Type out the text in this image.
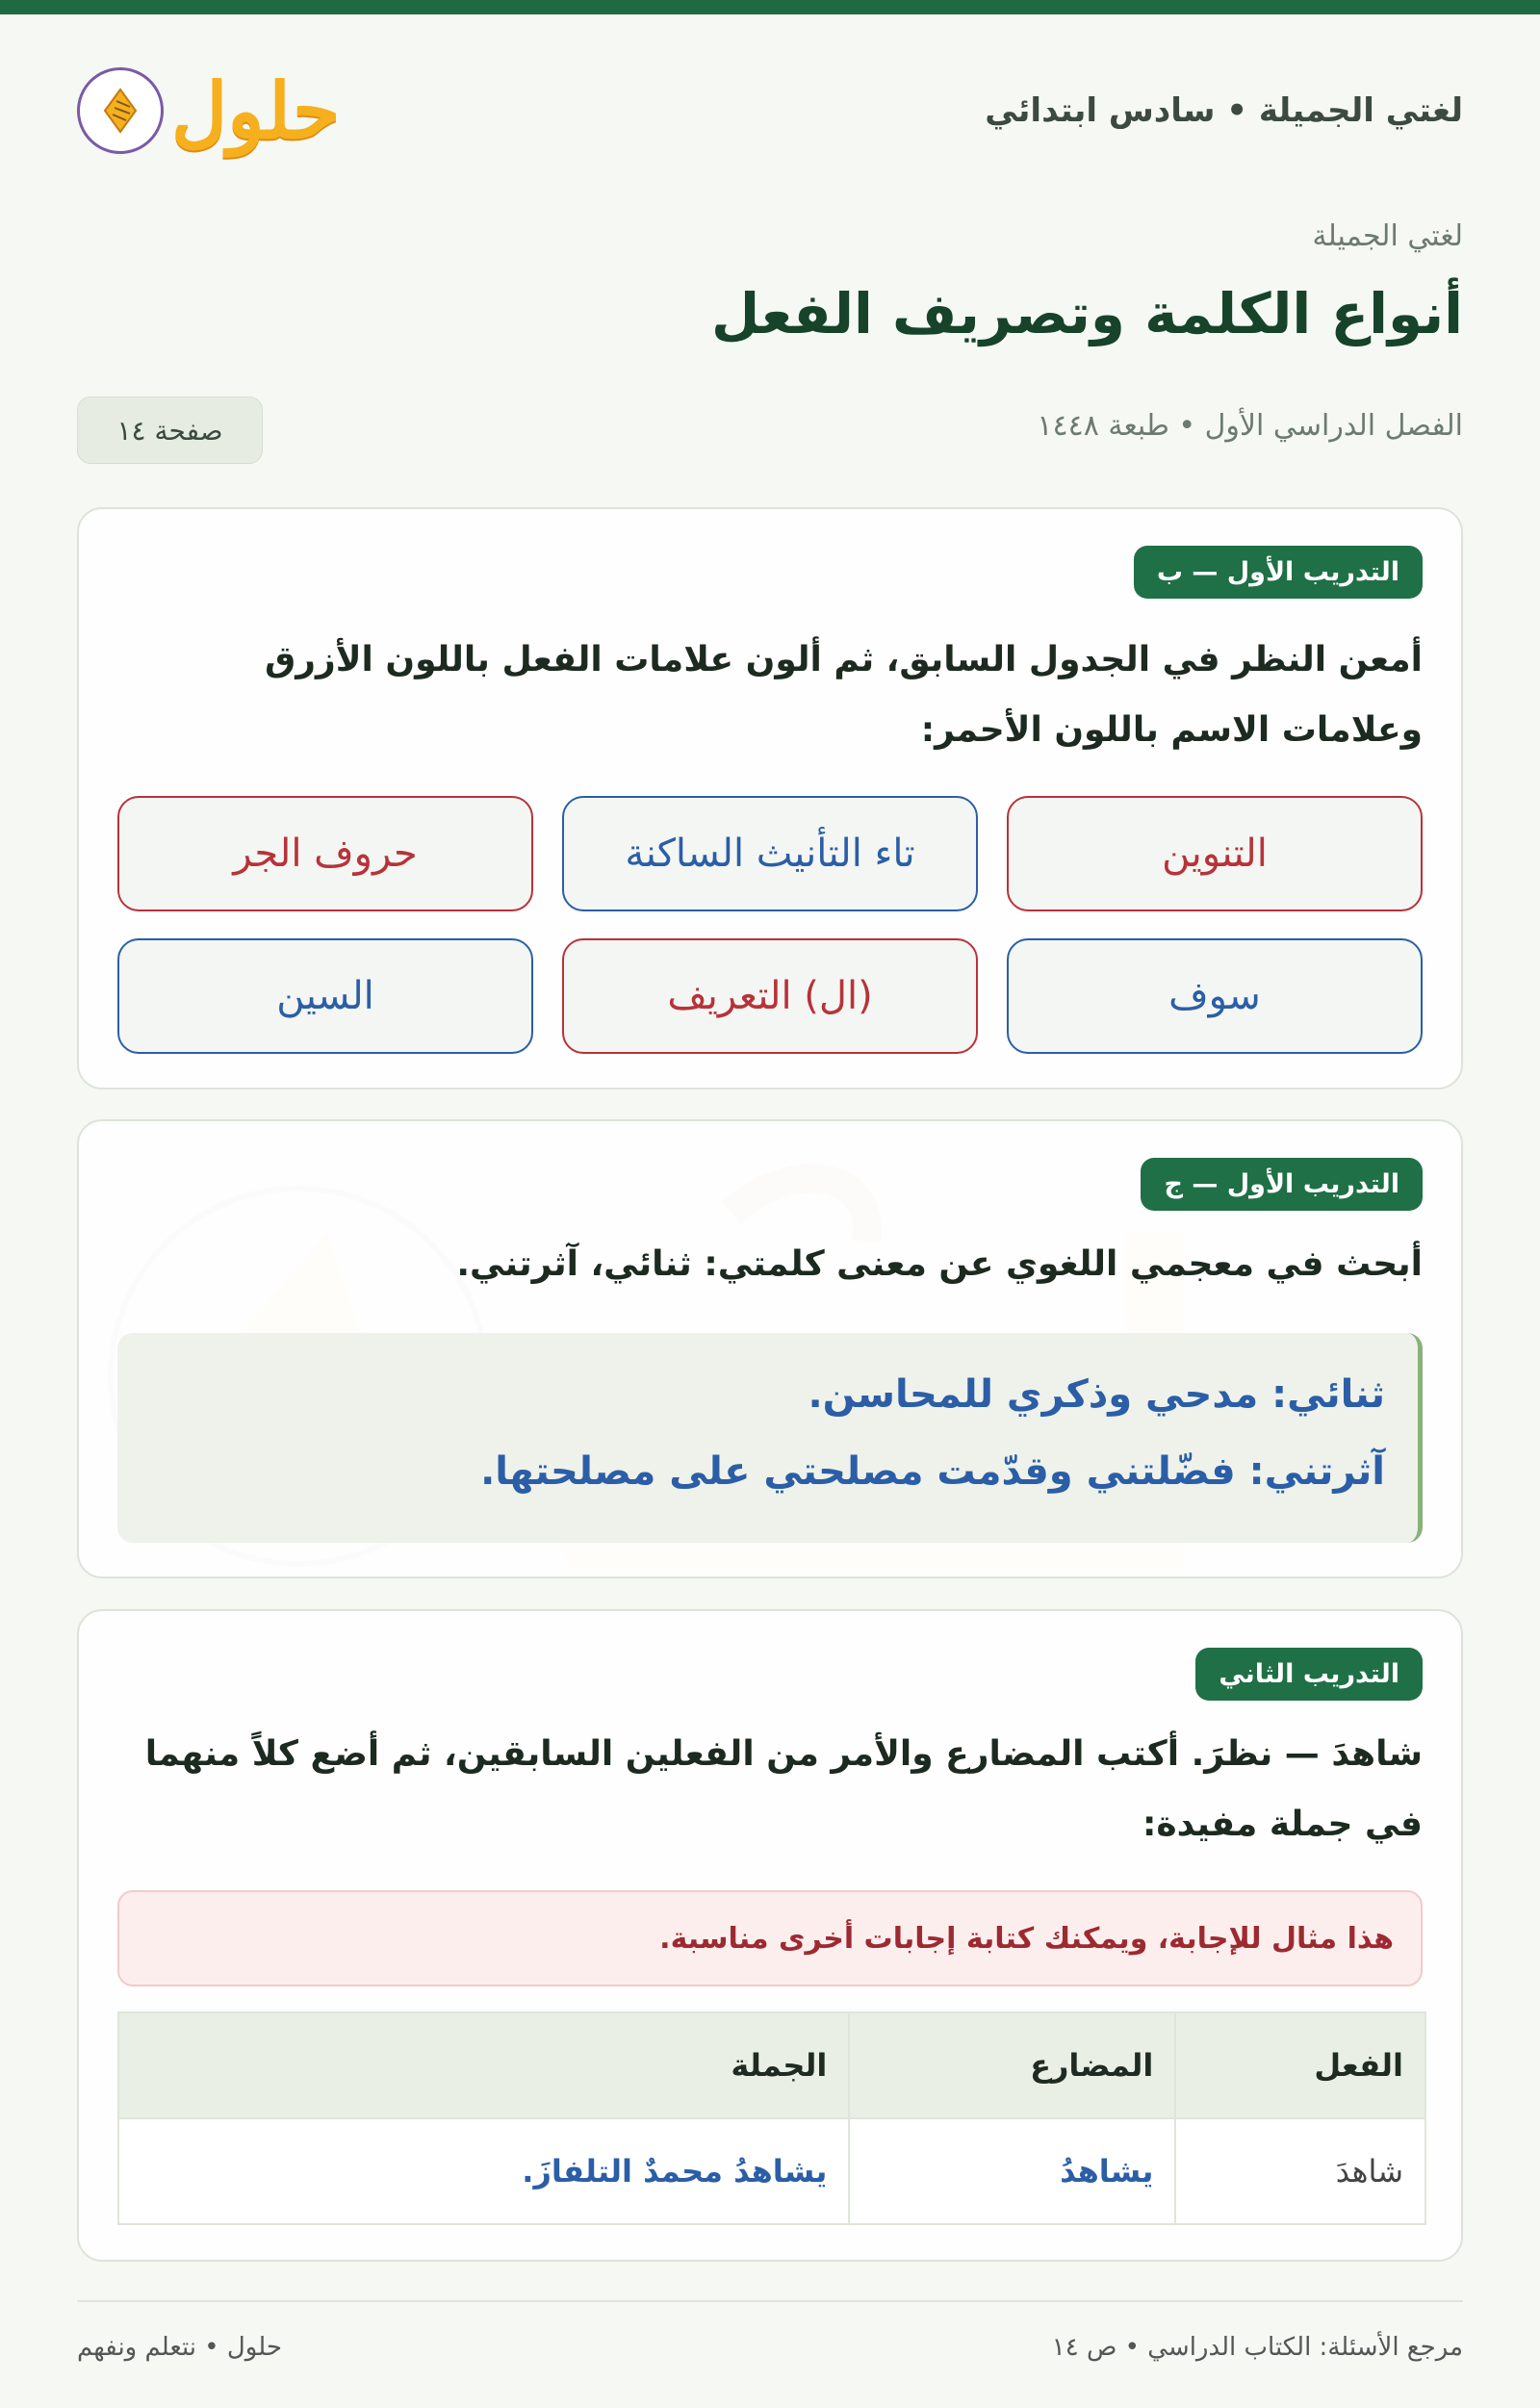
لغتي الجميلة • سادس ابتدائي
حلول
لغتي الجميلة
أنواع الكلمة وتصريف الفعل
الفصل الدراسي الأول • طبعة ١٤٤٨
صفحة ١٤
التدريب الأول — ب
أمعن النظر في الجدول السابق، ثم ألون علامات الفعل باللون الأزرق وعلامات الاسم باللون الأحمر:
التنوين
تاء التأنيث الساكنة
حروف الجر
سوف
(ال) التعريف
السين
التدريب الأول — ج
أبحث في معجمي اللغوي عن معنى كلمتي: ثنائي، آثرتني.
ثنائي: مدحي وذكري للمحاسن.
آثرتني: فضّلتني وقدّمت مصلحتي على مصلحتها.
التدريب الثاني
شاهدَ — نظرَ. أكتب المضارع والأمر من الفعلين السابقين، ثم أضع كلاً منهما في جملة مفيدة:
هذا مثال للإجابة، ويمكنك كتابة إجابات أخرى مناسبة.
الفعل	المضارع	الجملة
شاهدَ	يشاهدُ	يشاهدُ محمدٌ التلفازَ.
مرجع الأسئلة: الكتاب الدراسي • ص ١٤
حلول • نتعلم ونفهم
